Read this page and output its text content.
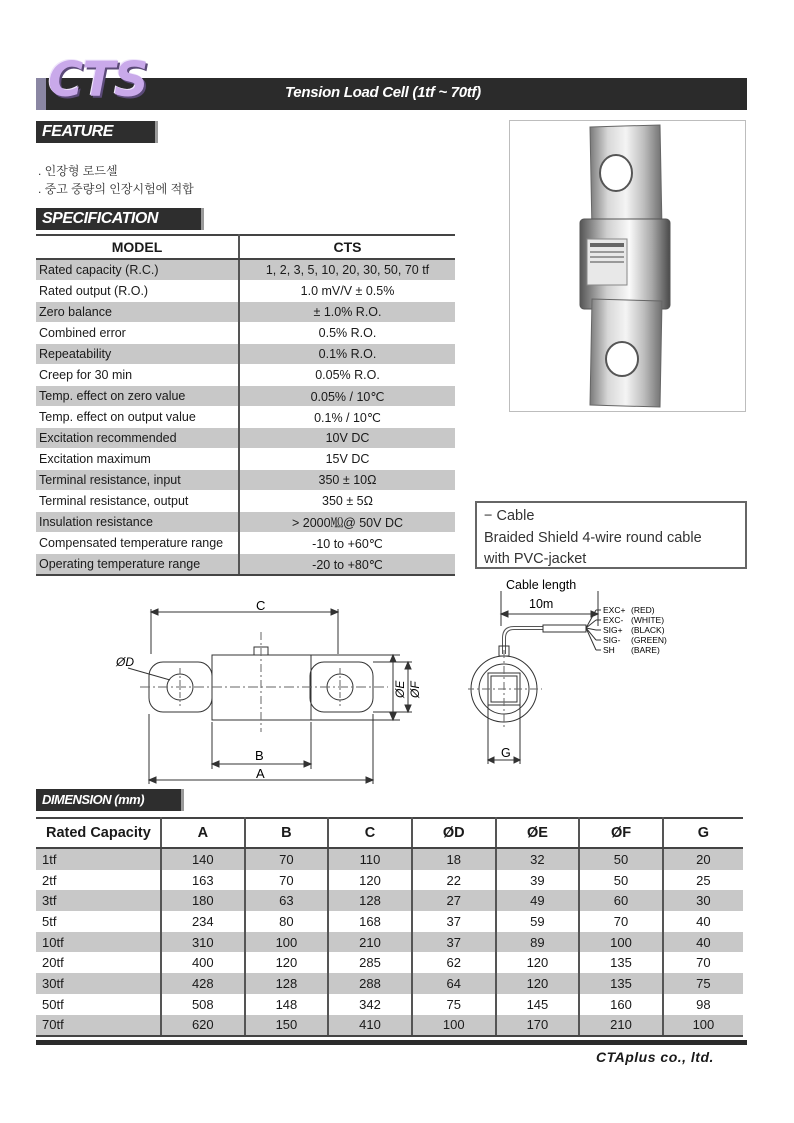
CTS	Tension Load Cell (1tf ~ 70tf)
FEATURE
. 인장형 로드셀
. 중고 중량의 인장시험에 적합
SPECIFICATION
MODEL	CTS
Rated capacity (R.C.)	1, 2, 3, 5, 10, 20, 30, 50, 70 tf
Rated output (R.O.)	1.0 mV/V ± 0.5%
Zero balance	± 1.0% R.O.
Combined error	0.5% R.O.
Repeatability	0.1% R.O.
Creep for 30 min	0.05% R.O.
Temp. effect on zero value	0.05% / 10℃
Temp. effect on output value	0.1% / 10℃
Excitation recommended	10V DC
Excitation maximum	15V DC
Terminal resistance, input	350 ± 10Ω
Terminal resistance, output	350 ± 5Ω
Insulation resistance	> 2000㏁@ 50V DC
Compensated temperature range	-10 to +60℃
Operating temperature range	-20 to +80℃
− Cable
Braided Shield 4-wire round cable
with PVC-jacket
C
ØD
B
A
ØE ØF
Cable length
10m
G
EXC+ (RED)
EXC- (WHITE)
SIG+ (BLACK)
SIG- (GREEN)
SH (BARE)
DIMENSION (mm)
Rated Capacity	A	B	C	ØD	ØE	ØF	G
1tf	140	70	110	18	32	50	20
2tf	163	70	120	22	39	50	25
3tf	180	63	128	27	49	60	30
5tf	234	80	168	37	59	70	40
10tf	310	100	210	37	89	100	40
20tf	400	120	285	62	120	135	70
30tf	428	128	288	64	120	135	75
50tf	508	148	342	75	145	160	98
70tf	620	150	410	100	170	210	100
CTAplus co., ltd.
